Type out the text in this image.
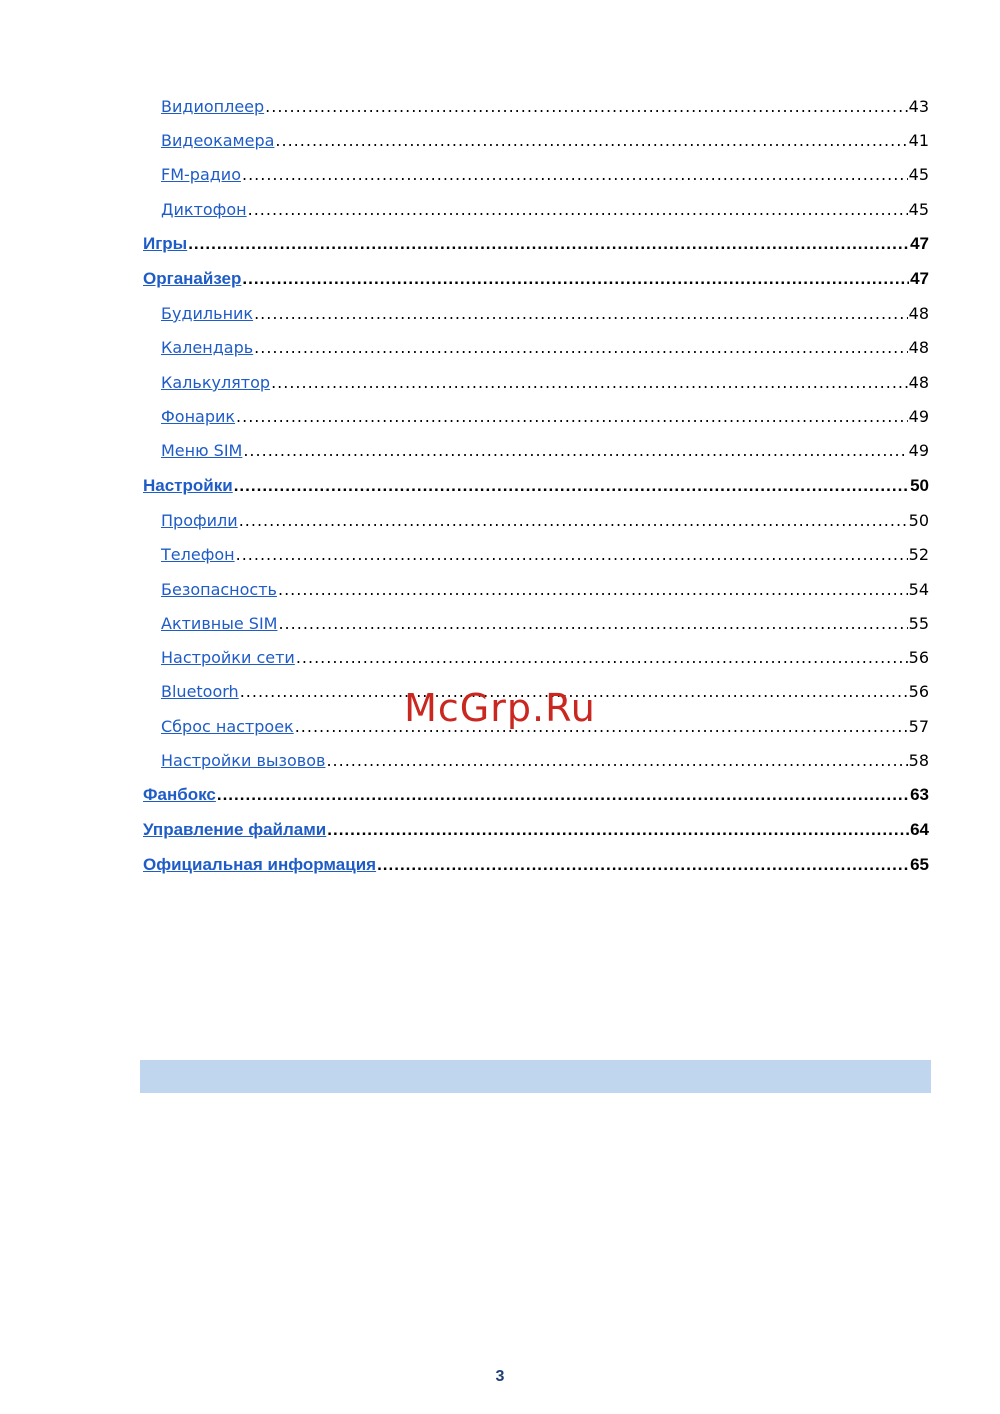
Видиоплеер .....	43
Видеокамера .....	41
FM-радио .....	45
Диктофон .....	45
Игры .....	47
Органайзер .....	47
Будильник .....	48
Календарь .....	48
Калькулятор .....	48
Фонарик .....	49
Меню SIM .....	49
Настройки .....	50
Профили .....	50
Телефон .....	52
Безопасность .....	54
Активные SIM .....	55
Настройки сети .....	56
Bluetoorh .....	56
Сброс настроек .....	57
Настройки вызовов .....	58
Фанбокс .....	63
Управление файлами .....	64
Официальная информация .....	65
McGrp.Ru
3
